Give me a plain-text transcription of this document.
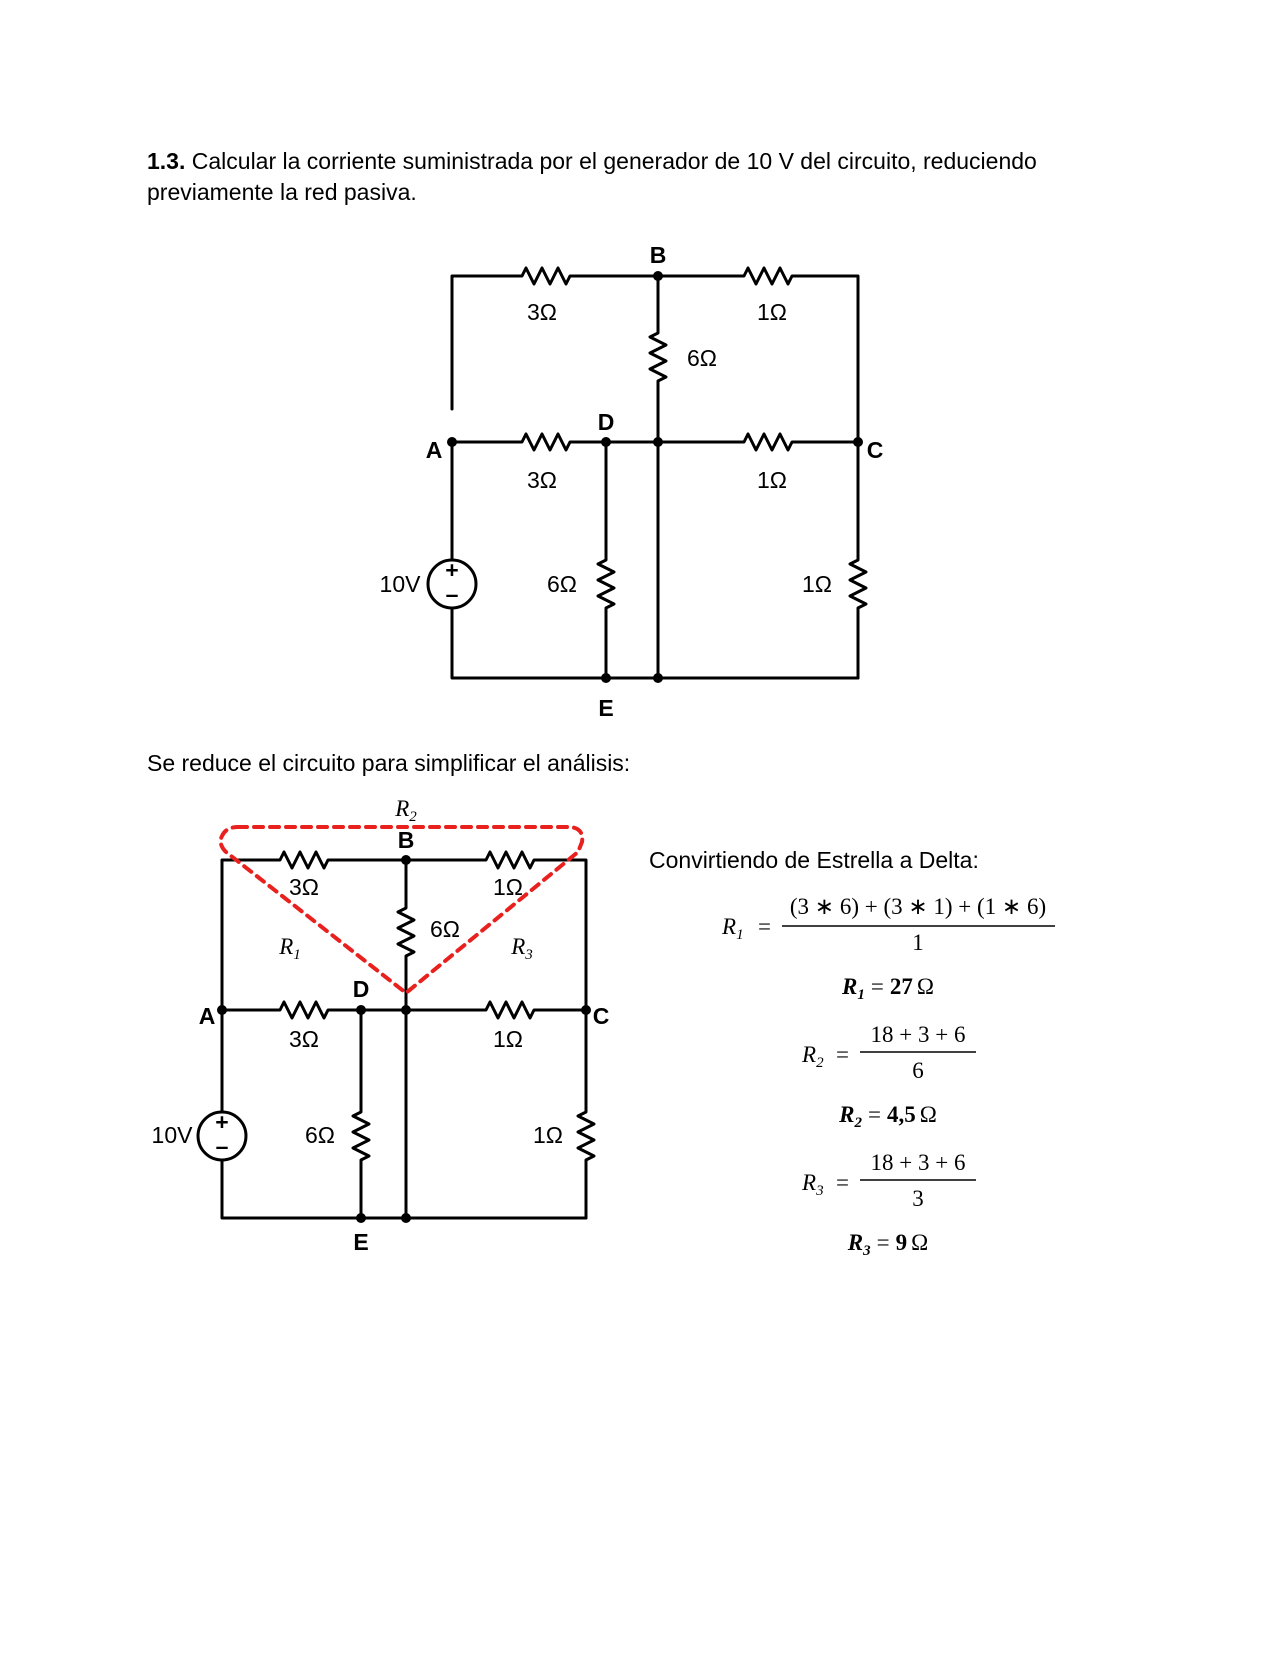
1.3. Calcular la corriente suministrada por el generador de 10 V del circuito, reduciendo previamente la red pasiva.
Se reduce el circuito para simplificar el análisis:
Convirtiendo de Estrella a Delta:
+
–
B
A
D
C
E
3Ω	1Ω
6Ω
3Ω	1Ω
6Ω	1Ω
10V
+
–
B
A
D
C
E
3Ω	1Ω
6Ω
3Ω	1Ω
6Ω	1Ω
10V
$R_1$
$R_2$
$R_3$
$R_1$ =
(3 ∗ 6) + (3 ∗ 1) + (1 ∗ 6)
1
R1 = 27 Ω
$R_2$ =
18 + 3 + 6
6
R2 = 4,5 Ω
$R_3$ =
18 + 3 + 6
3
R3 = 9 Ω
